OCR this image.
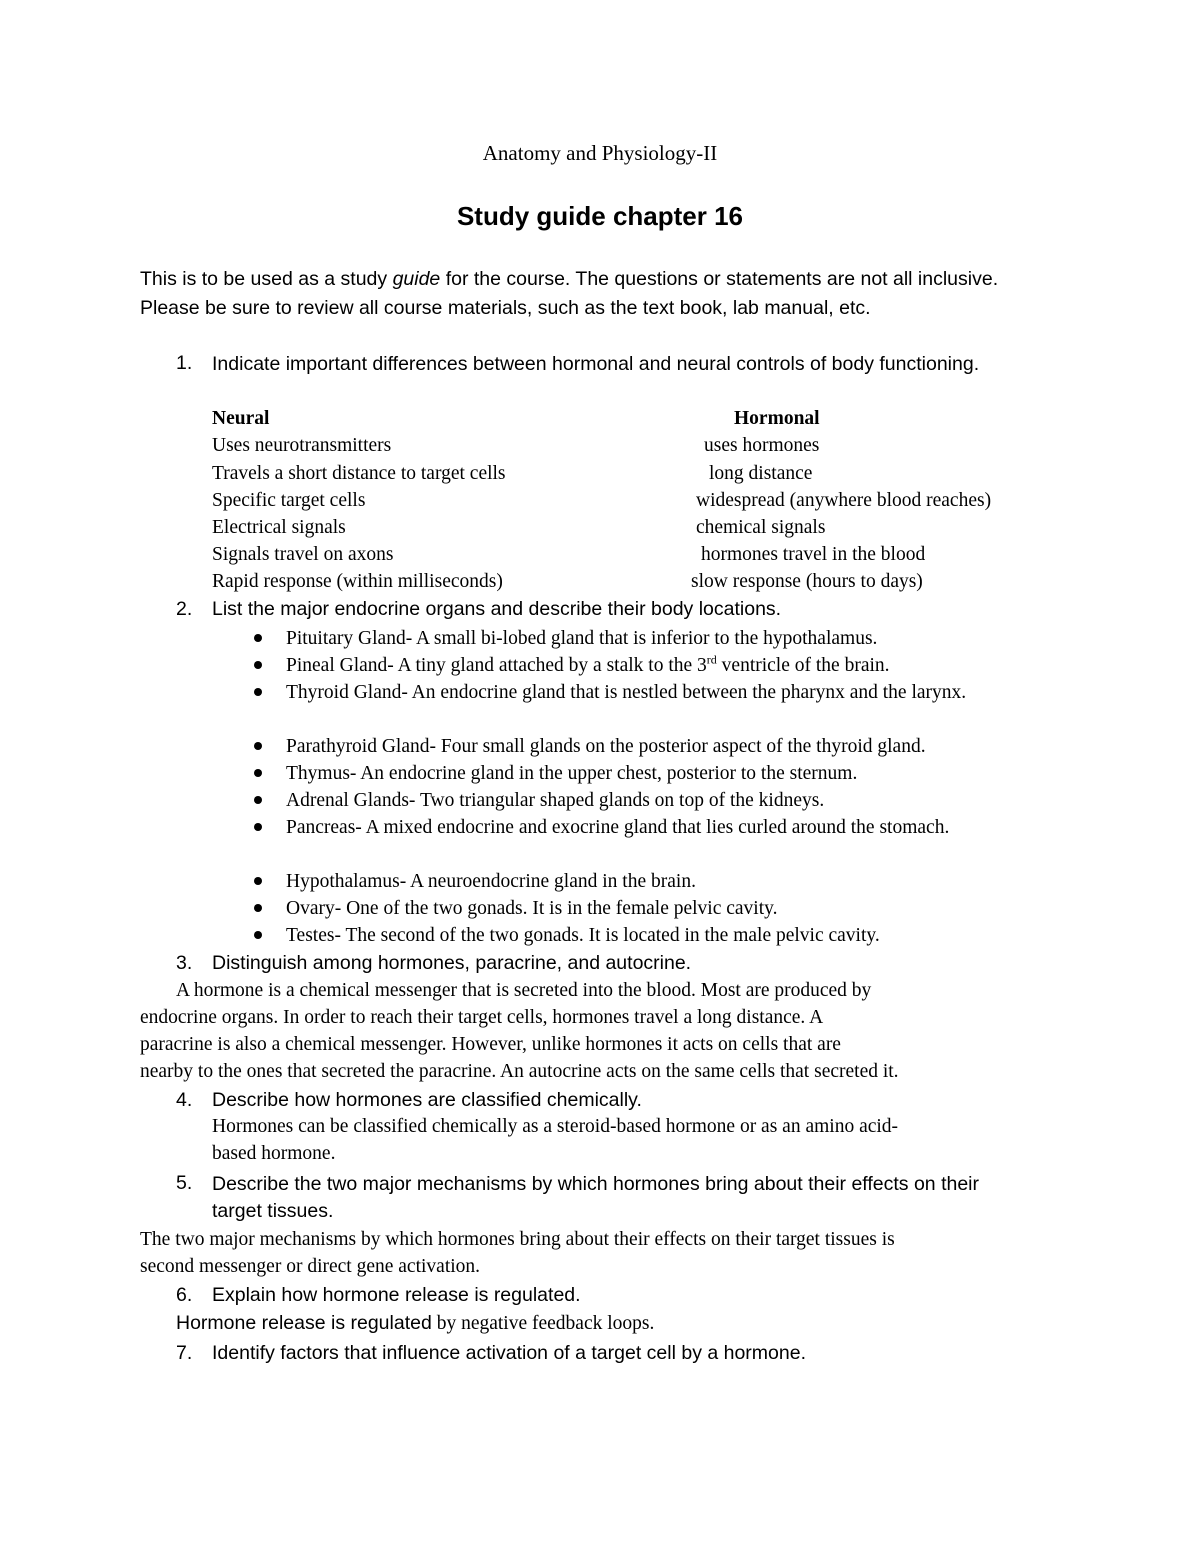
Anatomy and Physiology-II
Study guide chapter 16
This is to be used as a study guide for the course. The questions or statements are not all inclusive. Please be sure to review all course materials, such as the text book, lab manual, etc.
1. Indicate important differences between hormonal and neural controls of body functioning.
Neural	Hormonal
Uses neurotransmitters	uses hormones
Travels a short distance to target cells	long distance
Specific target cells	widespread (anywhere blood reaches)
Electrical signals	chemical signals
Signals travel on axons	hormones travel in the blood
Rapid response (within milliseconds)	slow response (hours to days)
2. List the major endocrine organs and describe their body locations.
Pituitary Gland- A small bi-lobed gland that is inferior to the hypothalamus.
Pineal Gland- A tiny gland attached by a stalk to the 3rd ventricle of the brain.
Thyroid Gland- An endocrine gland that is nestled between the pharynx and the larynx.
Parathyroid Gland- Four small glands on the posterior aspect of the thyroid gland.
Thymus- An endocrine gland in the upper chest, posterior to the sternum.
Adrenal Glands- Two triangular shaped glands on top of the kidneys.
Pancreas- A mixed endocrine and exocrine gland that lies curled around the stomach.
Hypothalamus- A neuroendocrine gland in the brain.
Ovary- One of the two gonads. It is in the female pelvic cavity.
Testes- The second of the two gonads. It is located in the male pelvic cavity.
3. Distinguish among hormones, paracrine, and autocrine.
A hormone is a chemical messenger that is secreted into the blood. Most are produced by
endocrine organs. In order to reach their target cells, hormones travel a long distance. A
paracrine is also a chemical messenger. However, unlike hormones it acts on cells that are
nearby to the ones that secreted the paracrine. An autocrine acts on the same cells that secreted it.
4. Describe how hormones are classified chemically.
Hormones can be classified chemically as a steroid-based hormone or as an amino acid-
based hormone.
5. Describe the two major mechanisms by which hormones bring about their effects on their target tissues.
The two major mechanisms by which hormones bring about their effects on their target tissues is
second messenger or direct gene activation.
6. Explain how hormone release is regulated.
Hormone release is regulated by negative feedback loops.
7. Identify factors that influence activation of a target cell by a hormone.
